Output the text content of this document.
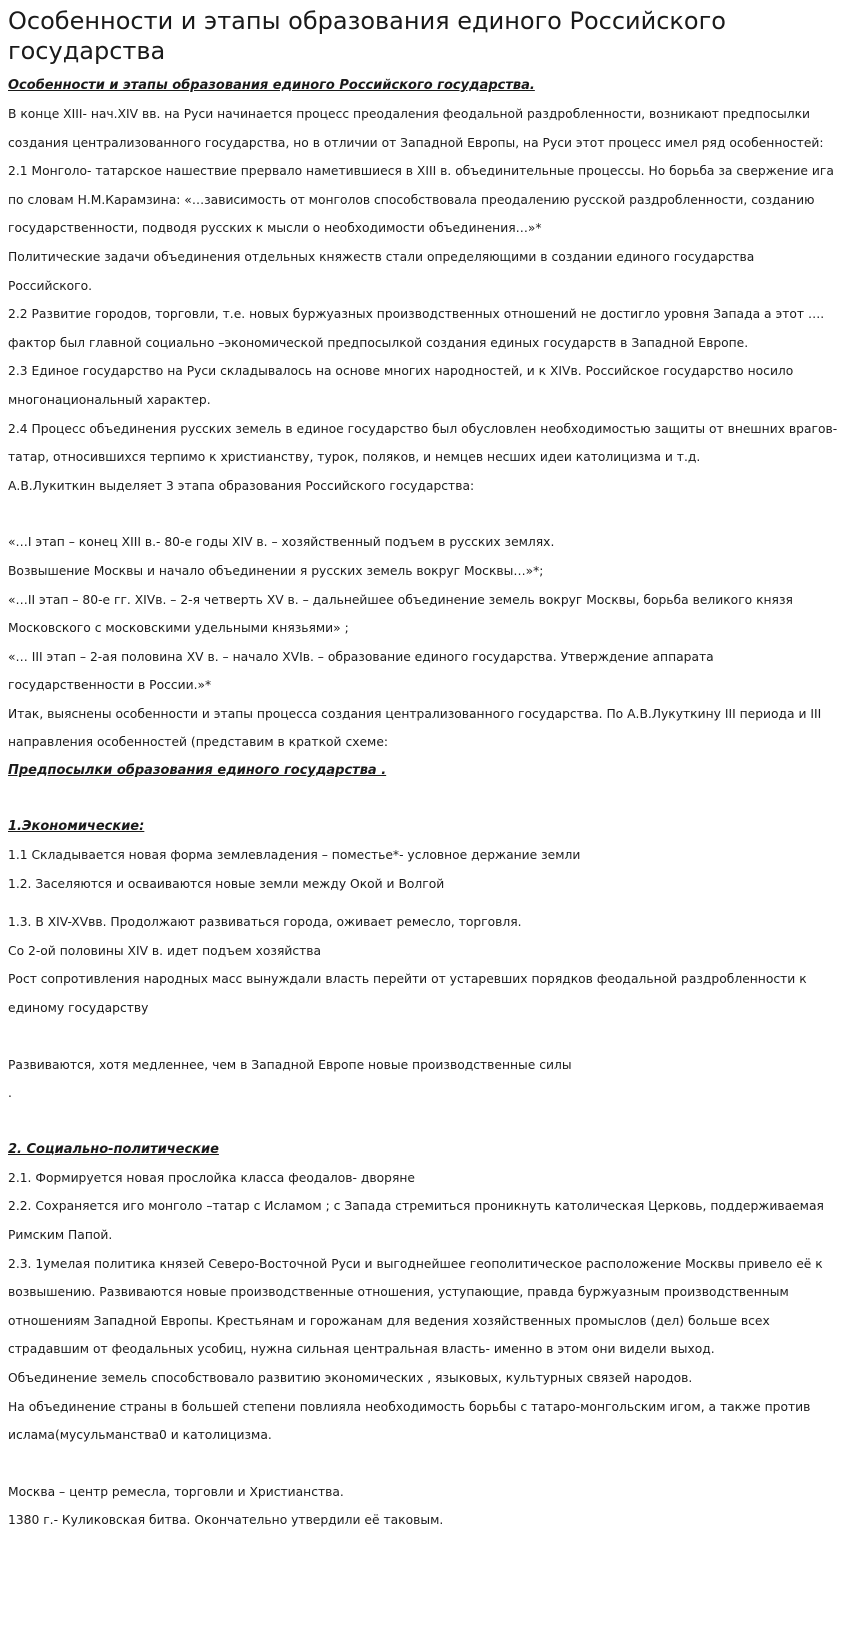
Особенности и этапы образования единого Российского государства

Особенности и этапы образования единого Российского государства.

В конце XIII- нач.XIV вв. на Руси начинается процесс преодаления феодальной раздробленности, возникают предпосылки создания централизованного государства, но в отличии от Западной Европы, на Руси этот процесс имел ряд особенностей:

2.1 Монголо- татарское нашествие прервало наметившиеся в XIII в. объединительные процессы. Но борьба за свержение ига по словам Н.М.Карамзина: «…зависимость от монголов способствовала преодалению русской раздробленности, созданию государственности, подводя русских к мысли о необходимости объединения…»*

Политические задачи объединения отдельных княжеств стали определяющими в создании единого государства Российского.

2.2 Развитие городов, торговли, т.е. новых буржуазных производственных отношений не достигло уровня Запада а этот …. фактор был главной социально –экономической предпосылкой создания единых государств в Западной Европе.

2.3 Единое государство на Руси складывалось на основе многих народностей, и к XIVв. Российское государство носило многонациональный характер.

2.4 Процесс объединения русских земель в единое государство был обусловлен необходимостью защиты от внешних врагов- татар, относившихся терпимо к христианству, турок, поляков, и немцев несших идеи католицизма и т.д.

А.В.Лукиткин выделяет 3 этапа образования Российского государства:

«…I этап – конец XIII в.- 80-е годы XIV в. – хозяйственный подъем в русских землях.

Возвышение Москвы и начало объединении я русских земель вокруг Москвы…»*;

«…II этап – 80-е гг. XIVв. – 2-я четверть XV в. – дальнейшее объединение земель вокруг Москвы, борьба великого князя Московского с московскими удельными князьями» ;

«… III этап – 2-ая половина XV в. – начало XVIв. – образование единого государства. Утверждение аппарата государственности в России.»*

Итак, выяснены особенности и этапы процесса создания централизованного государства. По А.В.Лукуткину III периода и III направления особенностей (представим в краткой схеме:

Предпосылки образования единого государства .

1.Экономические:

1.1 Складывается новая форма землевладения – поместье*- условное держание земли

1.2. Заселяются и осваиваются новые земли между Окой и Волгой

1.3. В XIV-XVвв. Продолжают развиваться города, оживает ремесло, торговля.

Со 2-ой половины XIV в. идет подъем хозяйства

Рост сопротивления народных масс вынуждали власть перейти от устаревших порядков феодальной раздробленности к единому государству

Развиваются, хотя медленнее, чем в Западной Европе новые производственные силы

.

2. Социально-политические

2.1. Формируется новая прослойка класса феодалов- дворяне

2.2. Сохраняется иго монголо –татар с Исламом ; с Запада стремиться проникнуть католическая Церковь, поддерживаемая Римским Папой.

2.3. 1умелая политика князей Северо-Восточной Руси и выгоднейшее геополитическое расположение Москвы привело её к возвышению. Развиваются новые производственные отношения, уступающие, правда буржуазным производственным отношениям Западной Европы. Крестьянам и горожанам для ведения хозяйственных промыслов (дел) больше всех страдавшим от феодальных усобиц, нужна сильная центральная власть- именно в этом они видели выход.

Объединение земель способствовало развитию экономических , языковых, культурных связей народов.

На объединение страны в большей степени повлияла необходимость борьбы с татаро-монгольским игом, а также против ислама(мусульманства0 и католицизма.

Москва – центр ремесла, торговли и Христианства.

1380 г.- Куликовская битва. Окончательно утвердили её таковым.
